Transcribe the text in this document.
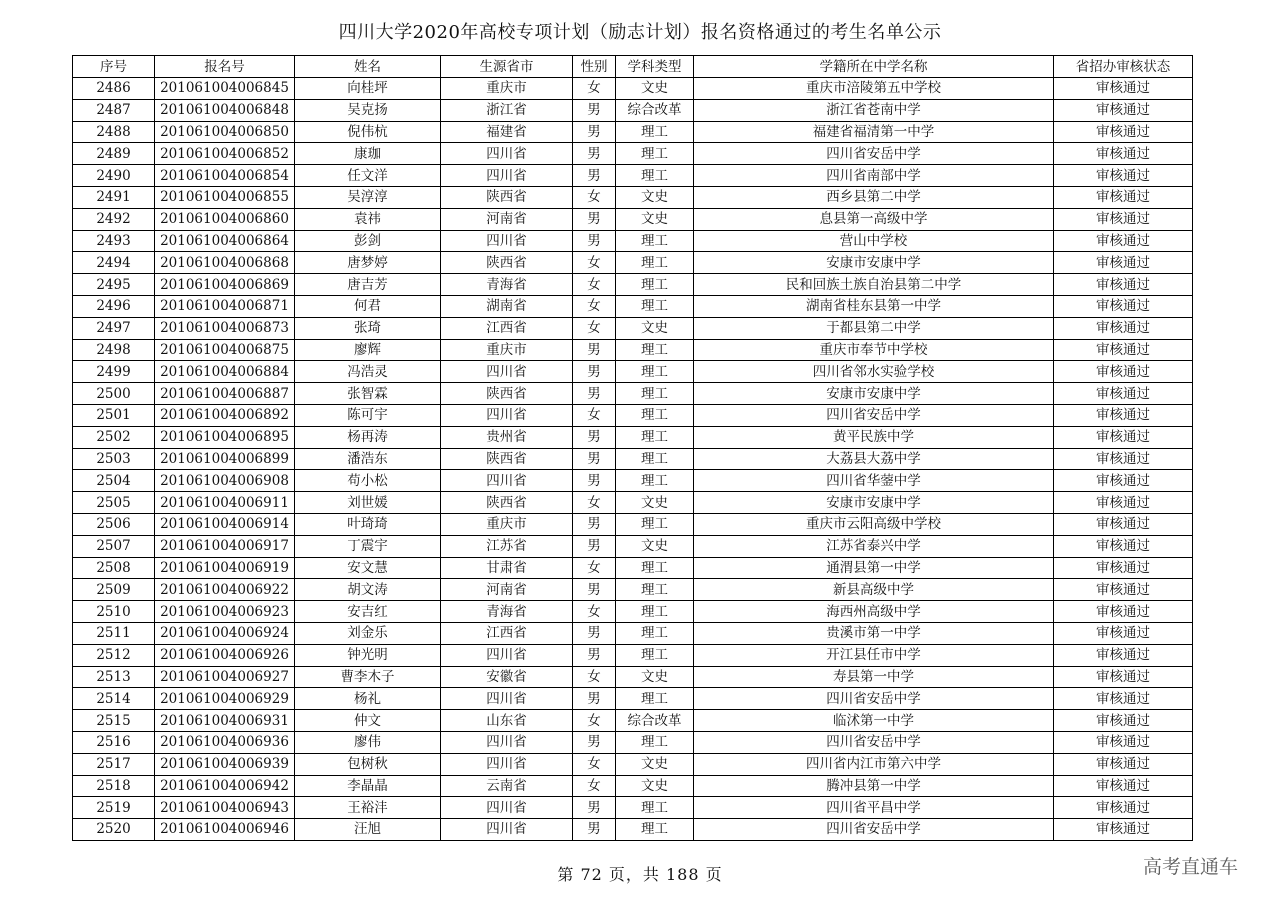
四川大学2020年高校专项计划（励志计划）报名资格通过的考生名单公示
序号	报名号	姓名	生源省市	性别	学科类型	学籍所在中学名称	省招办审核状态
2486	201061004006845	向桂坪	重庆市	女	文史	重庆市涪陵第五中学校	审核通过
2487	201061004006848	吴克扬	浙江省	男	综合改革	浙江省苍南中学	审核通过
2488	201061004006850	倪伟杭	福建省	男	理工	福建省福清第一中学	审核通过
2489	201061004006852	康珈	四川省	男	理工	四川省安岳中学	审核通过
2490	201061004006854	任文洋	四川省	男	理工	四川省南部中学	审核通过
2491	201061004006855	吴淳淳	陕西省	女	文史	西乡县第二中学	审核通过
2492	201061004006860	袁祎	河南省	男	文史	息县第一高级中学	审核通过
2493	201061004006864	彭剑	四川省	男	理工	营山中学校	审核通过
2494	201061004006868	唐梦婷	陕西省	女	理工	安康市安康中学	审核通过
2495	201061004006869	唐吉芳	青海省	女	理工	民和回族土族自治县第二中学	审核通过
2496	201061004006871	何君	湖南省	女	理工	湖南省桂东县第一中学	审核通过
2497	201061004006873	张琦	江西省	女	文史	于都县第二中学	审核通过
2498	201061004006875	廖辉	重庆市	男	理工	重庆市奉节中学校	审核通过
2499	201061004006884	冯浩灵	四川省	男	理工	四川省邻水实验学校	审核通过
2500	201061004006887	张智霖	陕西省	男	理工	安康市安康中学	审核通过
2501	201061004006892	陈可宇	四川省	女	理工	四川省安岳中学	审核通过
2502	201061004006895	杨再涛	贵州省	男	理工	黄平民族中学	审核通过
2503	201061004006899	潘浩东	陕西省	男	理工	大荔县大荔中学	审核通过
2504	201061004006908	苟小松	四川省	男	理工	四川省华蓥中学	审核通过
2505	201061004006911	刘世媛	陕西省	女	文史	安康市安康中学	审核通过
2506	201061004006914	叶琦琦	重庆市	男	理工	重庆市云阳高级中学校	审核通过
2507	201061004006917	丁震宇	江苏省	男	文史	江苏省泰兴中学	审核通过
2508	201061004006919	安文慧	甘肃省	女	理工	通渭县第一中学	审核通过
2509	201061004006922	胡文涛	河南省	男	理工	新县高级中学	审核通过
2510	201061004006923	安吉红	青海省	女	理工	海西州高级中学	审核通过
2511	201061004006924	刘金乐	江西省	男	理工	贵溪市第一中学	审核通过
2512	201061004006926	钟光明	四川省	男	理工	开江县任市中学	审核通过
2513	201061004006927	曹李木子	安徽省	女	文史	寿县第一中学	审核通过
2514	201061004006929	杨礼	四川省	男	理工	四川省安岳中学	审核通过
2515	201061004006931	仲文	山东省	女	综合改革	临沭第一中学	审核通过
2516	201061004006936	廖伟	四川省	男	理工	四川省安岳中学	审核通过
2517	201061004006939	包树秋	四川省	女	文史	四川省内江市第六中学	审核通过
2518	201061004006942	李晶晶	云南省	女	文史	腾冲县第一中学	审核通过
2519	201061004006943	王裕沣	四川省	男	理工	四川省平昌中学	审核通过
2520	201061004006946	汪旭	四川省	男	理工	四川省安岳中学	审核通过
第 72 页，共 188 页	高考直通车
